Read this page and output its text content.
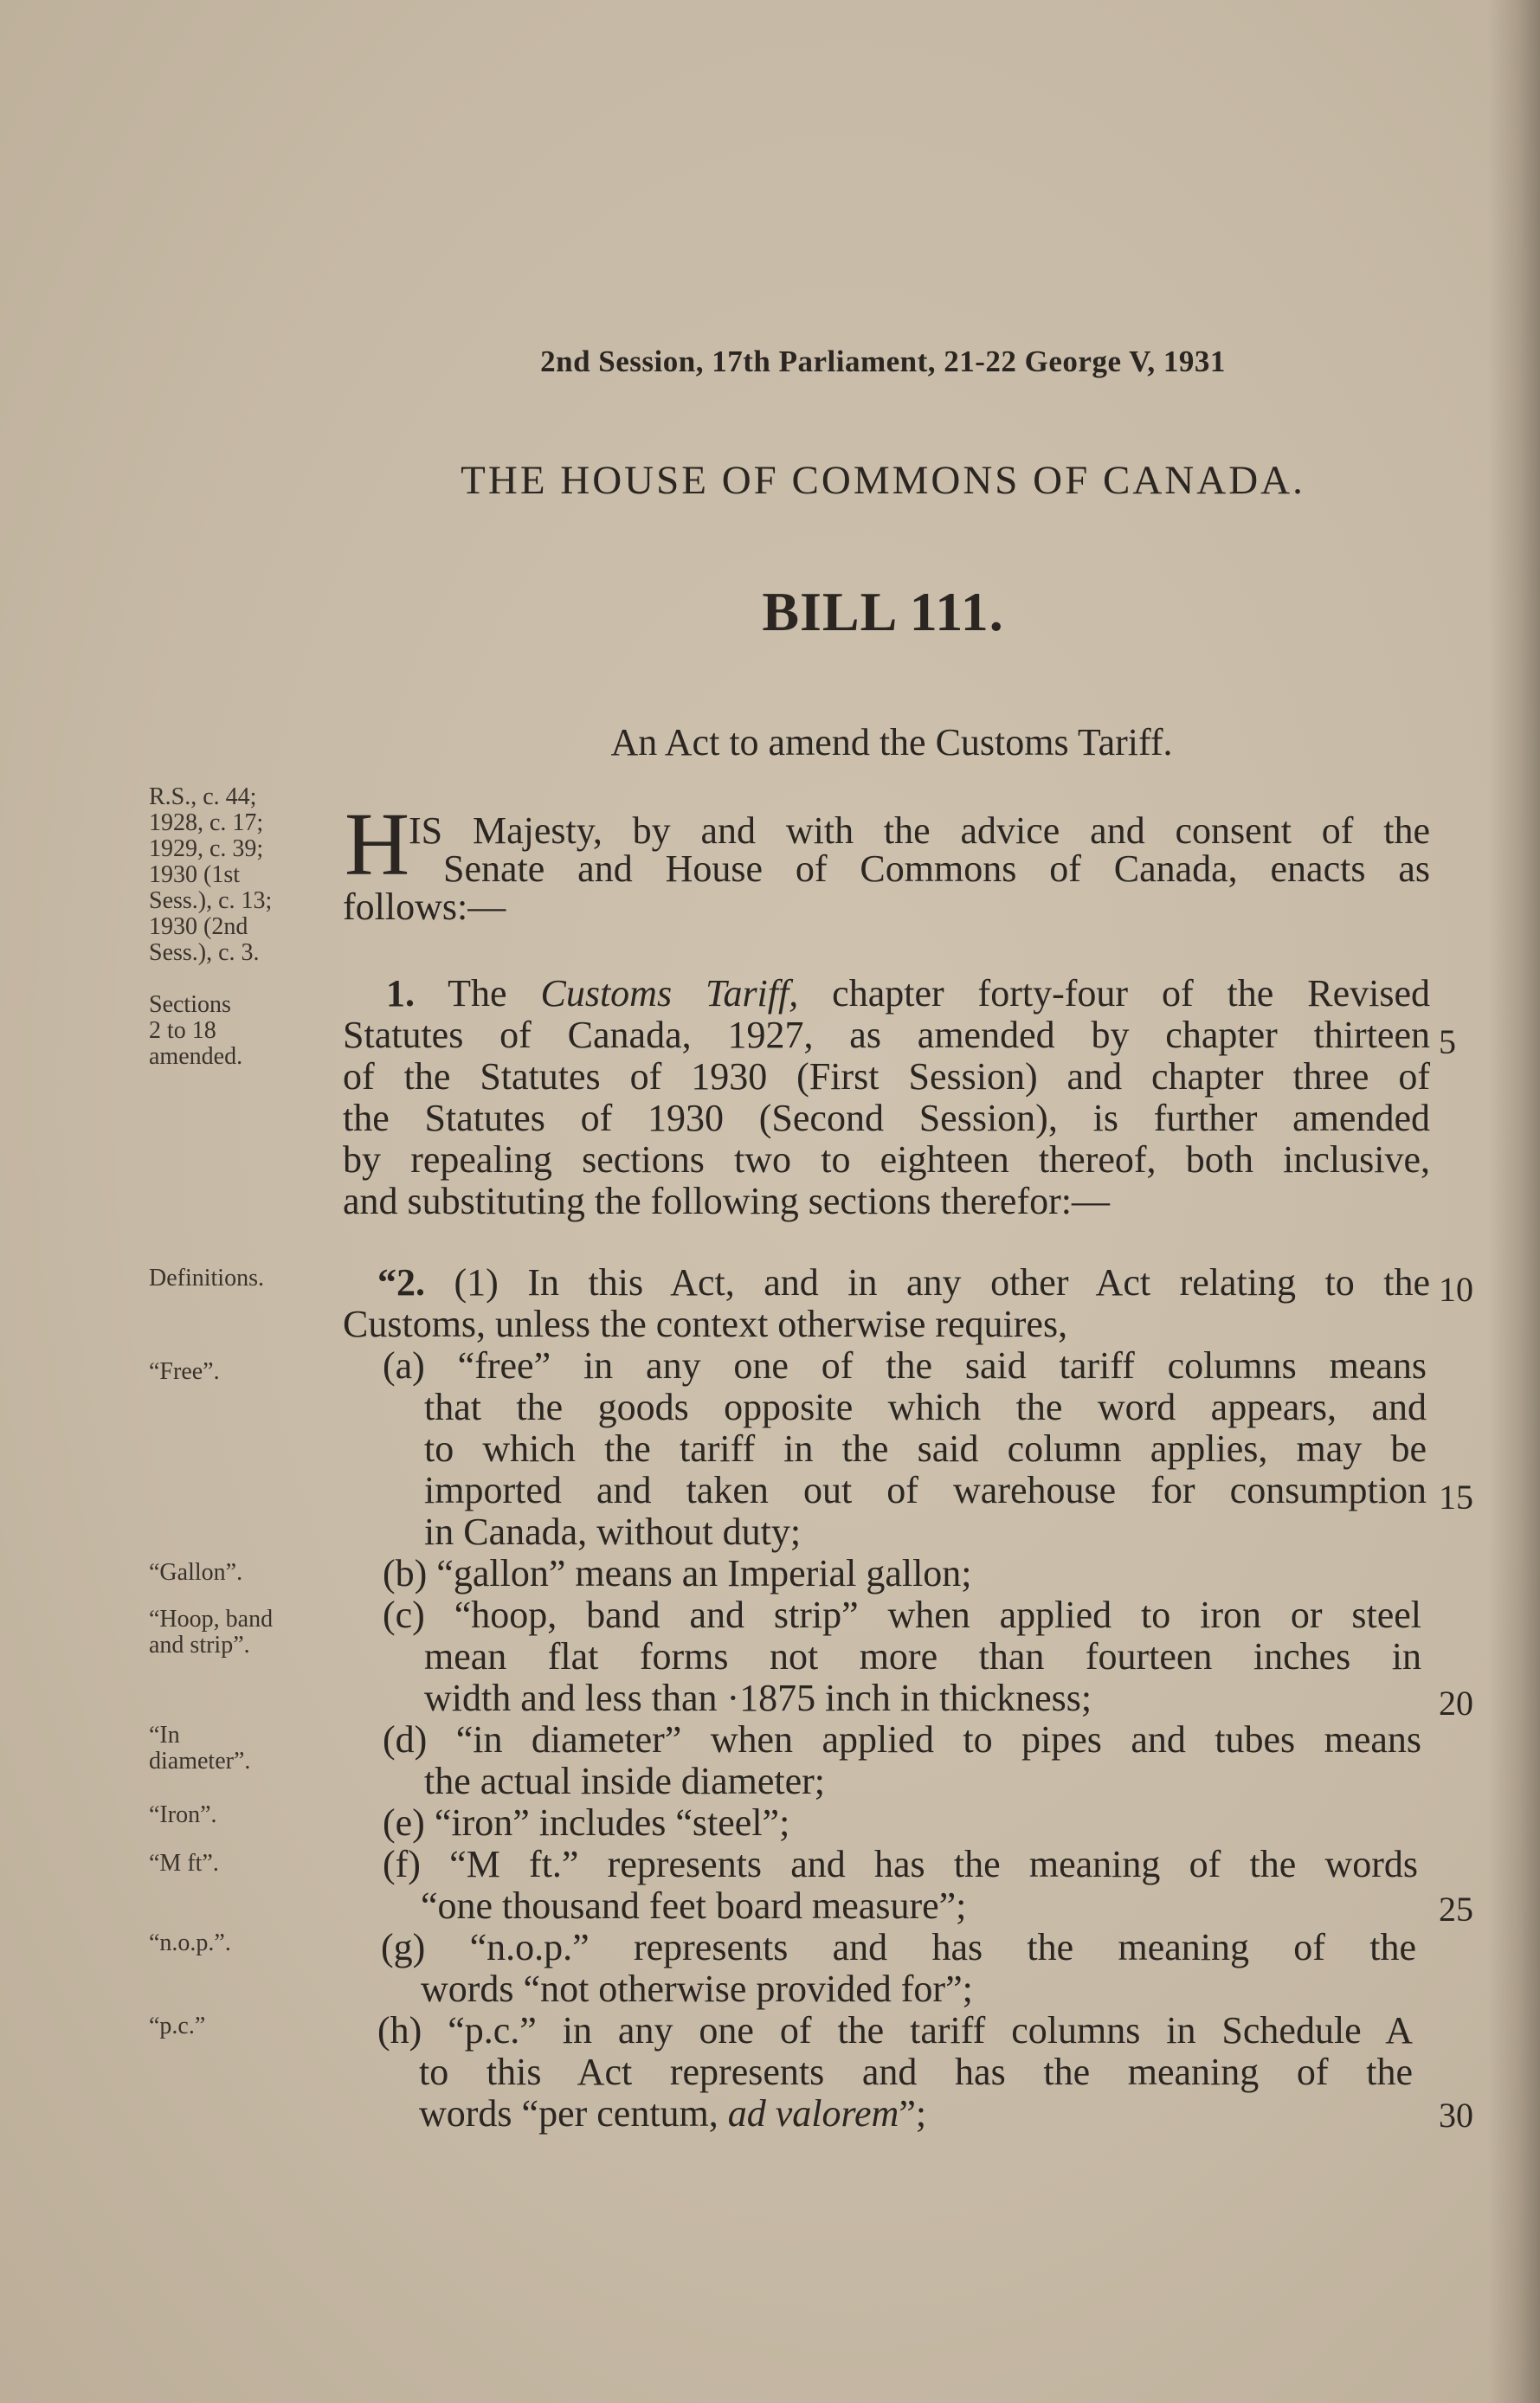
2nd Session, 17th Parliament, 21-22 George V, 1931
THE HOUSE OF COMMONS OF CANADA.
BILL 111.
An Act to amend the Customs Tariff.
R.S., c. 44;
1928, c. 17;
1929, c. 39;
1930 (1st
Sess.), c. 13;
1930 (2nd
Sess.), c. 3.
Sections
2 to 18
amended.
Definitions.
“Free”.
“Gallon”.
“Hoop, band
and strip”.
“In
diameter”.
“Iron”.
“M ft”.
“n.o.p.”.
“p.c.”
H
IS Majesty, by and with the advice and consent of the
Senate and House of Commons of Canada, enacts as
follows:—
1. The Customs Tariff, chapter forty-four of the Revised
Statutes of Canada, 1927, as amended by chapter thirteen
of the Statutes of 1930 (First Session) and chapter three of
the Statutes of 1930 (Second Session), is further amended
by repealing sections two to eighteen thereof, both inclusive,
and substituting the following sections therefor:—
“2. (1) In this Act, and in any other Act relating to the
Customs, unless the context otherwise requires,
(a) “free” in any one of the said tariff columns means
that the goods opposite which the word appears, and
to which the tariff in the said column applies, may be
imported and taken out of warehouse for consumption
in Canada, without duty;
(b) “gallon” means an Imperial gallon;
(c) “hoop, band and strip” when applied to iron or steel
mean flat forms not more than fourteen inches in
width and less than ·1875 inch in thickness;
(d) “in diameter” when applied to pipes and tubes means
the actual inside diameter;
(e) “iron” includes “steel”;
(f) “M ft.” represents and has the meaning of the words
“one thousand feet board measure”;
(g) “n.o.p.” represents and has the meaning of the
words “not otherwise provided for”;
(h) “p.c.” in any one of the tariff columns in Schedule A
to this Act represents and has the meaning of the
words “per centum, ad valorem”;
5
10
15
20
25
30
